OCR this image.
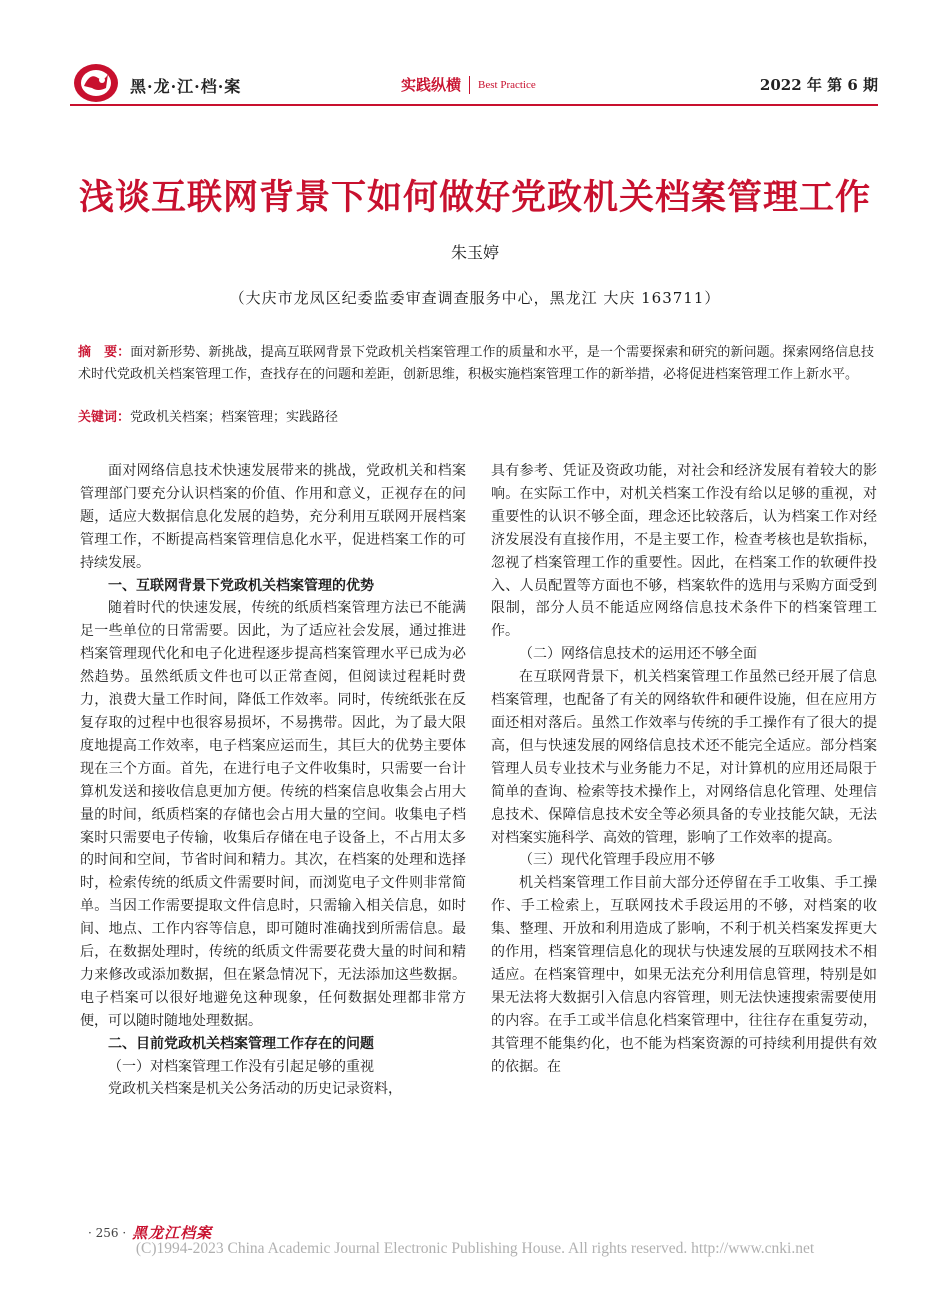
黑·龙·江·档·案	实践纵横 Best Practice	2022 年 第 6 期
浅谈互联网背景下如何做好党政机关档案管理工作
朱玉婷
（大庆市龙凤区纪委监委审查调查服务中心，黑龙江 大庆 163711）
摘　要：面对新形势、新挑战，提高互联网背景下党政机关档案管理工作的质量和水平，是一个需要探索和研究的新问题。探索网络信息技术时代党政机关档案管理工作，查找存在的问题和差距，创新思维，积极实施档案管理工作的新举措，必将促进档案管理工作上新水平。
关键词：党政机关档案；档案管理；实践路径

面对网络信息技术快速发展带来的挑战，党政机关和档案管理部门要充分认识档案的价值、作用和意义，正视存在的问题，适应大数据信息化发展的趋势，充分利用互联网开展档案管理工作，不断提高档案管理信息化水平，促进档案工作的可持续发展。

一、互联网背景下党政机关档案管理的优势

随着时代的快速发展，传统的纸质档案管理方法已不能满足一些单位的日常需要。因此，为了适应社会发展，通过推进档案管理现代化和电子化进程逐步提高档案管理水平已成为必然趋势。虽然纸质文件也可以正常查阅，但阅读过程耗时费力，浪费大量工作时间，降低工作效率。同时，传统纸张在反复存取的过程中也很容易损坏，不易携带。因此，为了最大限度地提高工作效率，电子档案应运而生，其巨大的优势主要体现在三个方面。首先，在进行电子文件收集时，只需要一台计算机发送和接收信息更加方便。传统的档案信息收集会占用大量的时间，纸质档案的存储也会占用大量的空间。收集电子档案时只需要电子传输，收集后存储在电子设备上，不占用太多的时间和空间，节省时间和精力。其次，在档案的处理和选择时，检索传统的纸质文件需要时间，而浏览电子文件则非常简单。当因工作需要提取文件信息时，只需输入相关信息，如时间、地点、工作内容等信息，即可随时准确找到所需信息。最后，在数据处理时，传统的纸质文件需要花费大量的时间和精力来修改或添加数据，但在紧急情况下，无法添加这些数据。电子档案可以很好地避免这种现象，任何数据处理都非常方便，可以随时随地处理数据。

二、目前党政机关档案管理工作存在的问题

（一）对档案管理工作没有引起足够的重视

党政机关档案是机关公务活动的历史记录资料，

具有参考、凭证及资政功能，对社会和经济发展有着较大的影响。在实际工作中，对机关档案工作没有给以足够的重视，对重要性的认识不够全面，理念还比较落后，认为档案工作对经济发展没有直接作用，不是主要工作，检查考核也是软指标，忽视了档案管理工作的重要性。因此，在档案工作的软硬件投入、人员配置等方面也不够，档案软件的选用与采购方面受到限制，部分人员不能适应网络信息技术条件下的档案管理工作。

（二）网络信息技术的运用还不够全面

在互联网背景下，机关档案管理工作虽然已经开展了信息档案管理，也配备了有关的网络软件和硬件设施，但在应用方面还相对落后。虽然工作效率与传统的手工操作有了很大的提高，但与快速发展的网络信息技术还不能完全适应。部分档案管理人员专业技术与业务能力不足，对计算机的应用还局限于简单的查询、检索等技术操作上，对网络信息化管理、处理信息技术、保障信息技术安全等必须具备的专业技能欠缺，无法对档案实施科学、高效的管理，影响了工作效率的提高。

（三）现代化管理手段应用不够

机关档案管理工作目前大部分还停留在手工收集、手工操作、手工检索上，互联网技术手段运用的不够，对档案的收集、整理、开放和利用造成了影响，不利于机关档案发挥更大的作用，档案管理信息化的现状与快速发展的互联网技术不相适应。在档案管理中，如果无法充分利用信息管理，特别是如果无法将大数据引入信息内容管理，则无法快速搜索需要使用的内容。在手工或半信息化档案管理中，往往存在重复劳动，其管理不能集约化，也不能为档案资源的可持续利用提供有效的依据。在

· 256 · 黑龙江档案
(C)1994-2023 China Academic Journal Electronic Publishing House. All rights reserved. http://www.cnki.net
